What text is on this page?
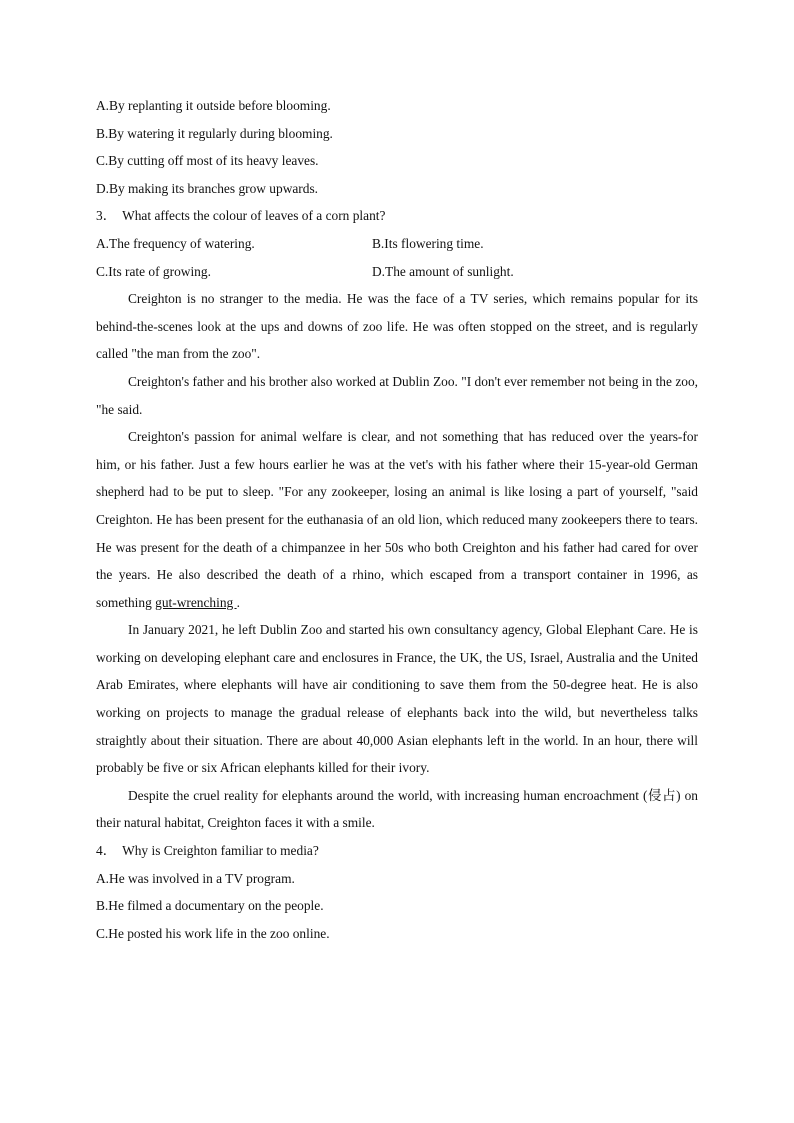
A.By replanting it outside before blooming.
B.By watering it regularly during blooming.
C.By cutting off most of its heavy leaves.
D.By making its branches grow upwards.
3． What affects the colour of leaves of a corn plant?
A.The frequency of watering.	B.Its flowering time.
C.Its rate of growing.	D.The amount of sunlight.

Creighton is no stranger to the media. He was the face of a TV series, which remains popular for its behind-the-scenes look at the ups and downs of zoo life. He was often stopped on the street, and is regularly called "the man from the zoo".

Creighton's father and his brother also worked at Dublin Zoo. "I don't ever remember not being in the zoo, "he said.

Creighton's passion for animal welfare is clear, and not something that has reduced over the years-for him, or his father. Just a few hours earlier he was at the vet's with his father where their 15-year-old German shepherd had to be put to sleep. "For any zookeeper, losing an animal is like losing a part of yourself, "said Creighton. He has been present for the euthanasia of an old lion, which reduced many zookeepers there to tears. He was present for the death of a chimpanzee in her 50s who both Creighton and his father had cared for over the years. He also described the death of a rhino, which escaped from a transport container in 1996, as something gut-wrenching .

In January 2021, he left Dublin Zoo and started his own consultancy agency, Global Elephant Care. He is working on developing elephant care and enclosures in France, the UK, the US, Israel, Australia and the United Arab Emirates, where elephants will have air conditioning to save them from the 50-degree heat. He is also working on projects to manage the gradual release of elephants back into the wild, but nevertheless talks straightly about their situation. There are about 40,000 Asian elephants left in the world. In an hour, there will probably be five or six African elephants killed for their ivory.

Despite the cruel reality for elephants around the world, with increasing human encroachment (侵占) on their natural habitat, Creighton faces it with a smile.

4． Why is Creighton familiar to media?
A.He was involved in a TV program.
B.He filmed a documentary on the people.
C.He posted his work life in the zoo online.
